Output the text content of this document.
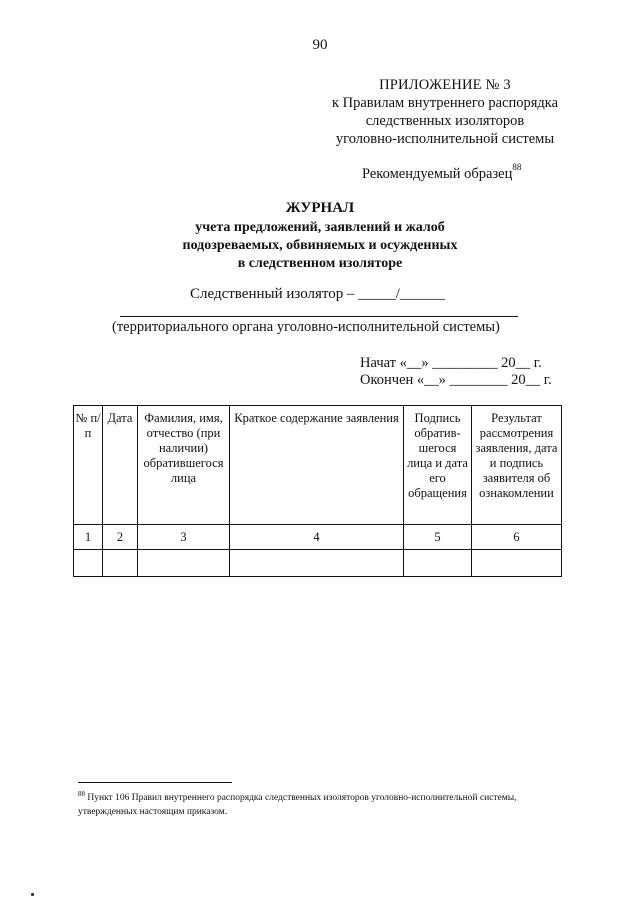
90
ПРИЛОЖЕНИЕ № 3
к Правилам внутреннего распорядка
следственных изоляторов
уголовно-исполнительной системы
Рекомендуемый образец$^{88}$
ЖУРНАЛ
учета предложений, заявлений и жалоб
подозреваемых, обвиняемых и осужденных
в следственном изоляторе
Следственный изолятор – _____/______
(территориального органа уголовно-исполнительной системы)
Начат «__» _________ 20__ г.
Окончен «__» ________ 20__ г.
№ п/п	Дата	Фамилия, имя, отчество (при наличии) обратившегося лица	Краткое содержание заявления	Подпись обратив-шегося лица и дата его обращения	Результат рассмотрения заявления, дата и подпись заявителя об ознакомлении
1	2	3	4	5	6

$^{88}$ Пункт 106 Правил внутреннего распорядка следственных изоляторов уголовно-исполнительной системы, утвержденных настоящим приказом.
